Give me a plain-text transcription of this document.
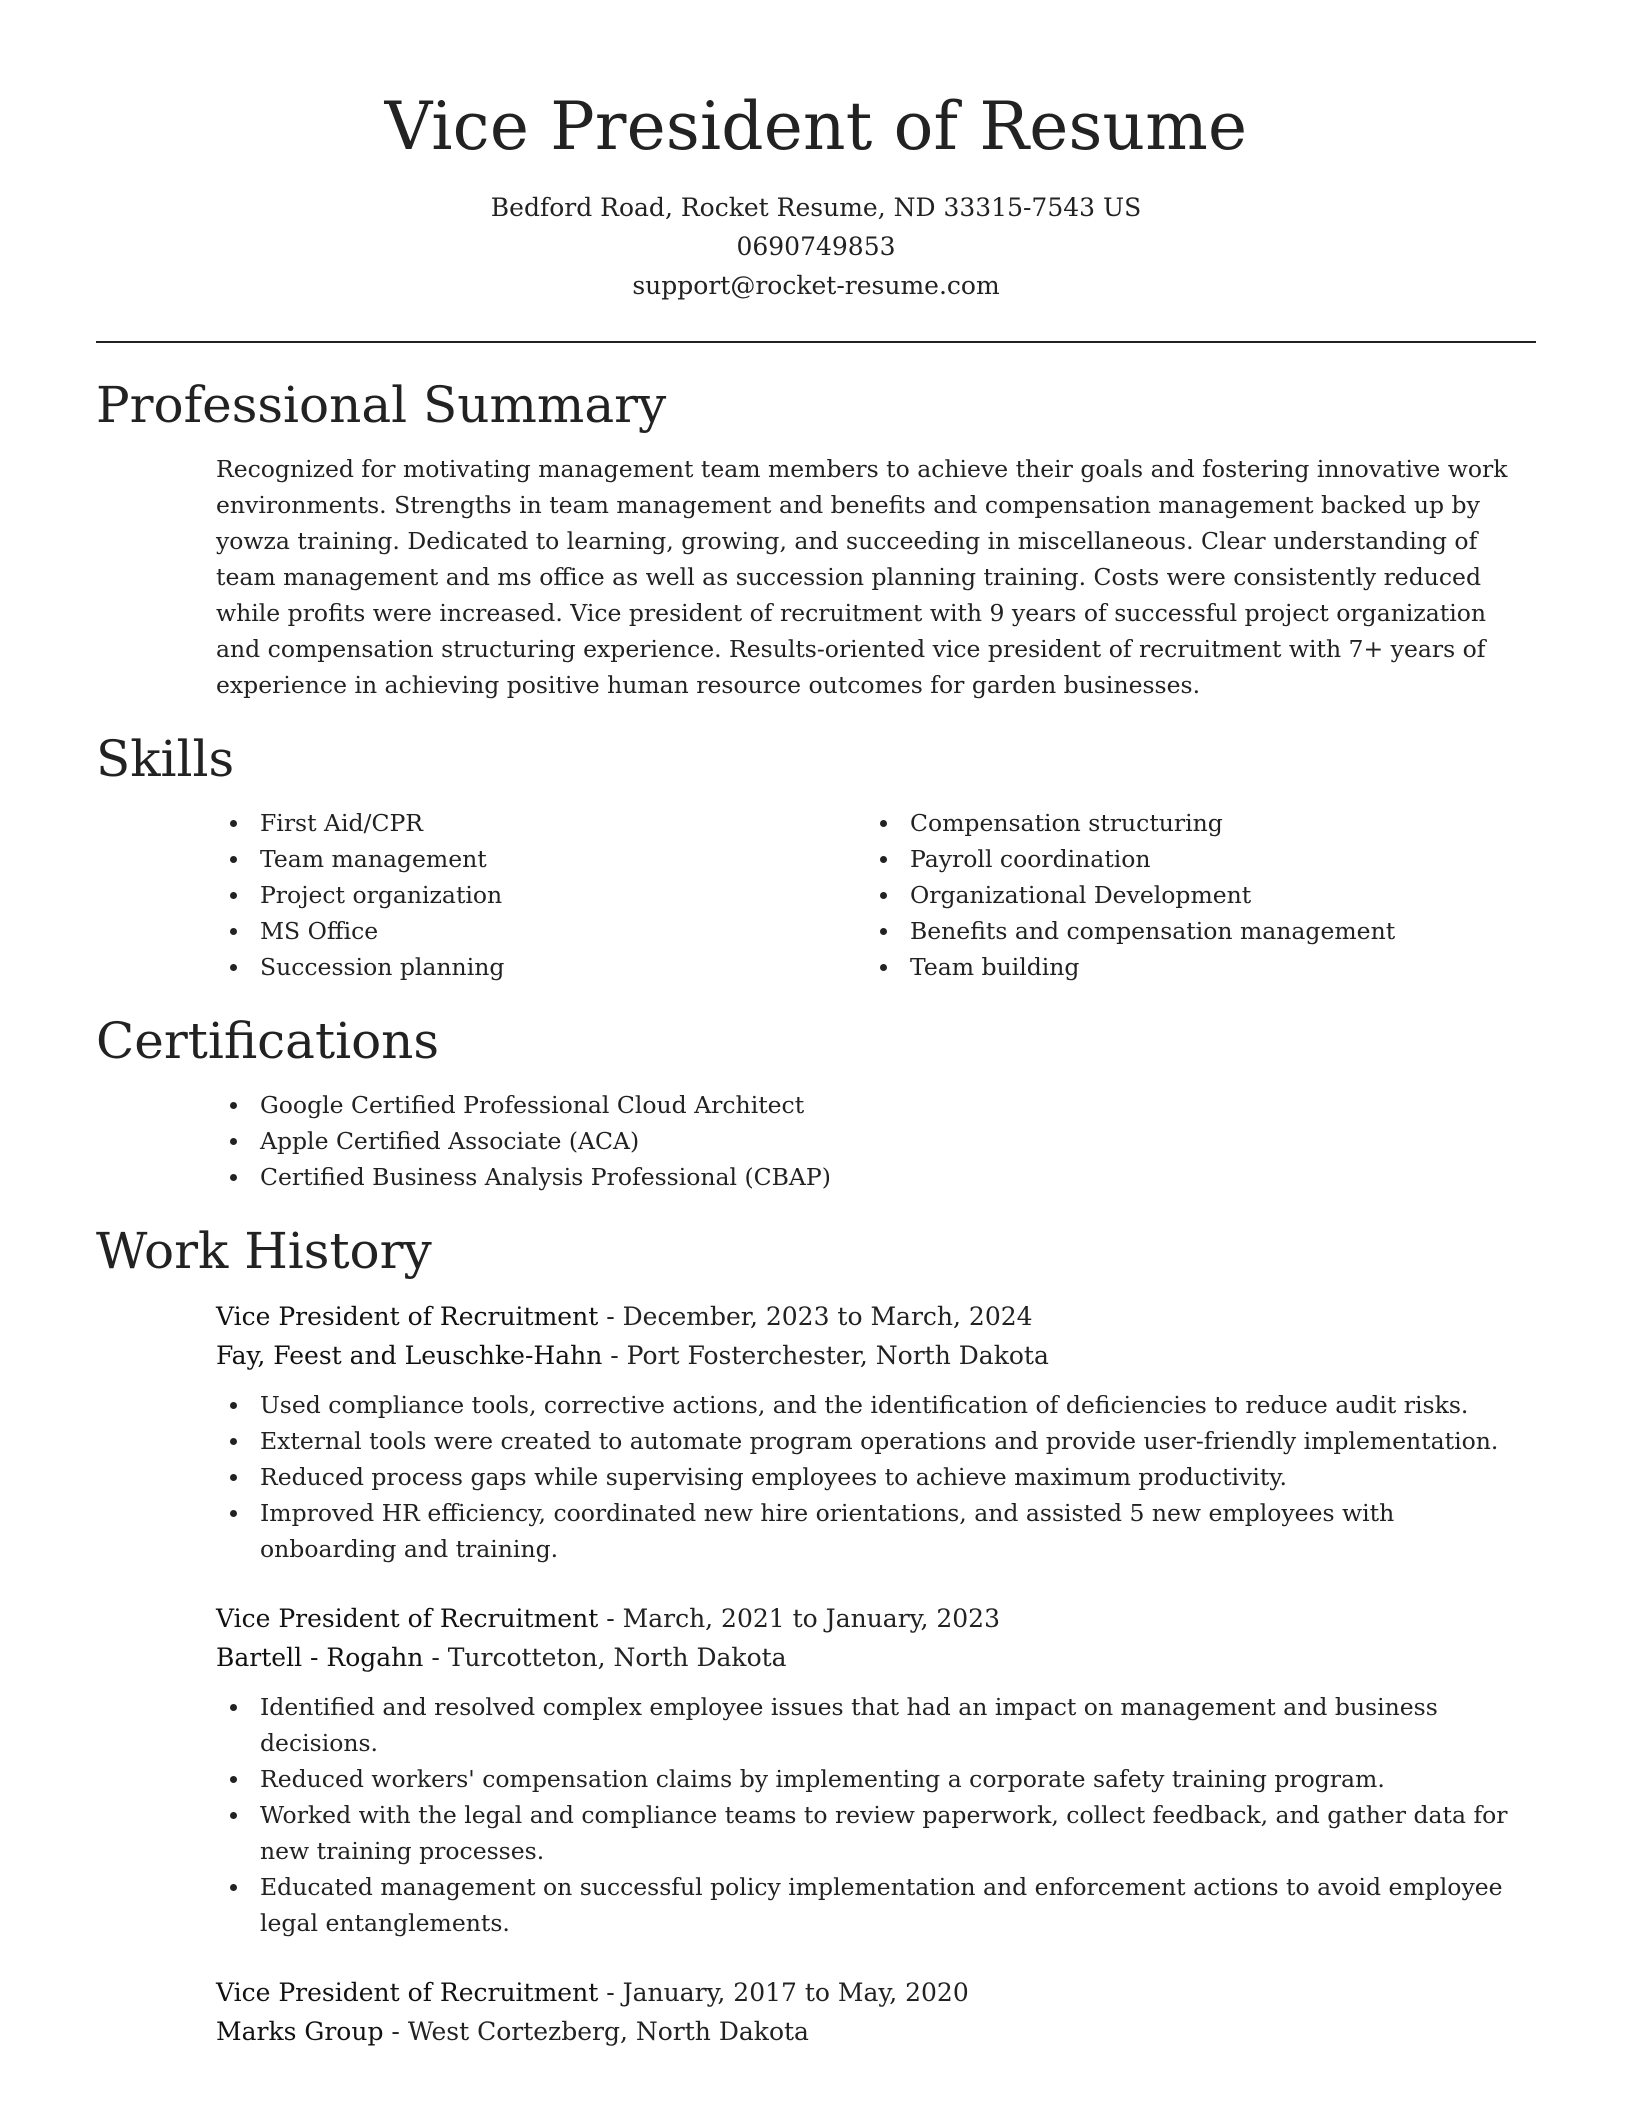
Vice President of Resume
Bedford Road, Rocket Resume, ND 33315-7543 US
0690749853
support@rocket-resume.com
Professional Summary

Recognized for motivating management team members to achieve their goals and fostering innovative work environments. Strengths in team management and benefits and compensation management backed up by yowza training. Dedicated to learning, growing, and succeeding in miscellaneous. Clear understanding of team management and ms office as well as succession planning training. Costs were consistently reduced while profits were increased. Vice president of recruitment with 9 years of successful project organization and compensation structuring experience. Results-oriented vice president of recruitment with 7+ years of experience in achieving positive human resource outcomes for garden businesses.

Skills
First Aid/CPR
Team management
Project organization
MS Office
Succession planning
Compensation structuring
Payroll coordination
Organizational Development
Benefits and compensation management
Team building
Certifications
Google Certified Professional Cloud Architect
Apple Certified Associate (ACA)
Certified Business Analysis Professional (CBAP)
Work History
Vice President of Recruitment - December, 2023 to March, 2024
Fay, Feest and Leuschke-Hahn - Port Fosterchester, North Dakota
Used compliance tools, corrective actions, and the identification of deficiencies to reduce audit risks.
External tools were created to automate program operations and provide user-friendly implementation.
Reduced process gaps while supervising employees to achieve maximum productivity.
Improved HR efficiency, coordinated new hire orientations, and assisted 5 new employees with onboarding and training.
Vice President of Recruitment - March, 2021 to January, 2023
Bartell - Rogahn - Turcotteton, North Dakota
Identified and resolved complex employee issues that had an impact on management and business decisions.
Reduced workers' compensation claims by implementing a corporate safety training program.
Worked with the legal and compliance teams to review paperwork, collect feedback, and gather data for new training processes.
Educated management on successful policy implementation and enforcement actions to avoid employee legal entanglements.
Vice President of Recruitment - January, 2017 to May, 2020
Marks Group - West Cortezberg, North Dakota
